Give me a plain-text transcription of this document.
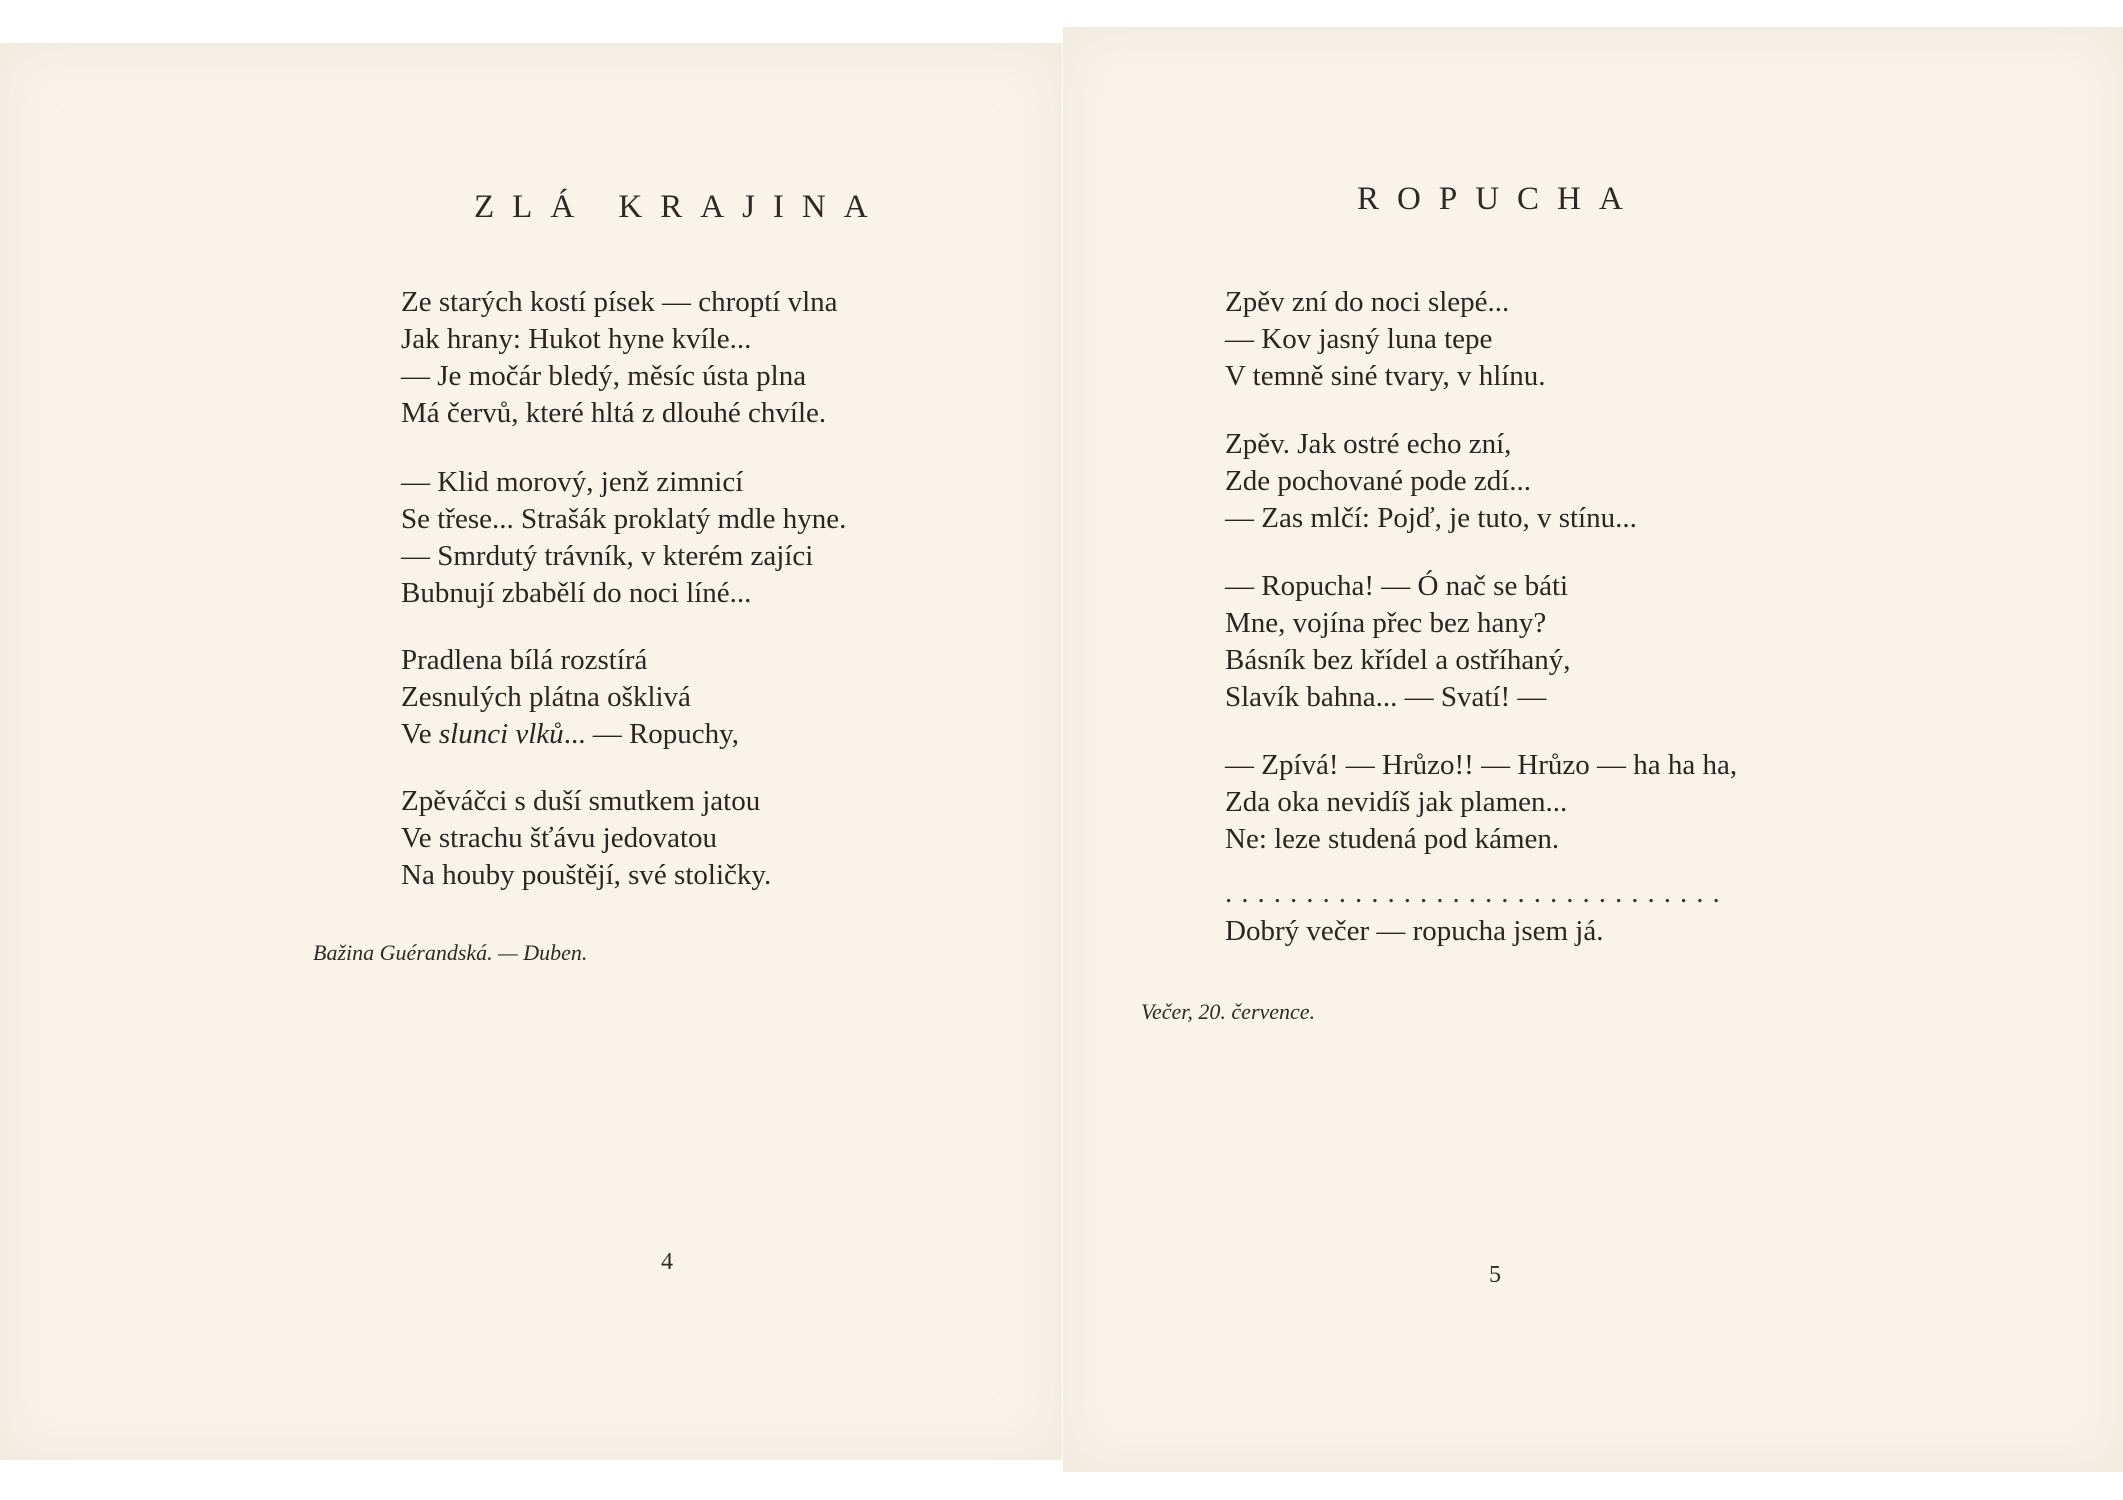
ZLÁ KRAJINA
Ze starých kostí písek — chroptí vlna
Jak hrany: Hukot hyne kvíle...
— Je močár bledý, měsíc ústa plna
Má červů, které hltá z dlouhé chvíle.
— Klid morový, jenž zimnicí
Se třese... Strašák proklatý mdle hyne.
— Smrdutý trávník, v kterém zajíci
Bubnují zbabělí do noci líné...
Pradlena bílá rozstírá
Zesnulých plátna ošklivá
Ve slunci vlků... — Ropuchy,
Zpěváčci s duší smutkem jatou
Ve strachu šťávu jedovatou
Na houby pouštějí, své stoličky.
Bažina Guérandská. — Duben.
4
ROPUCHA
Zpěv zní do noci slepé...
— Kov jasný luna tepe
V temně siné tvary, v hlínu.
Zpěv. Jak ostré echo zní,
Zde pochované pode zdí...
— Zas mlčí: Pojď, je tuto, v stínu...
— Ropucha! — Ó nač se báti
Mne, vojína přec bez hany?
Básník bez křídel a ostříhaný,
Slavík bahna... — Svatí! —
— Zpívá! — Hrůzo!! — Hrůzo — ha ha ha,
Zda oka nevidíš jak plamen...
Ne: leze studená pod kámen.
...............................
Dobrý večer — ropucha jsem já.
Večer, 20. července.
5
